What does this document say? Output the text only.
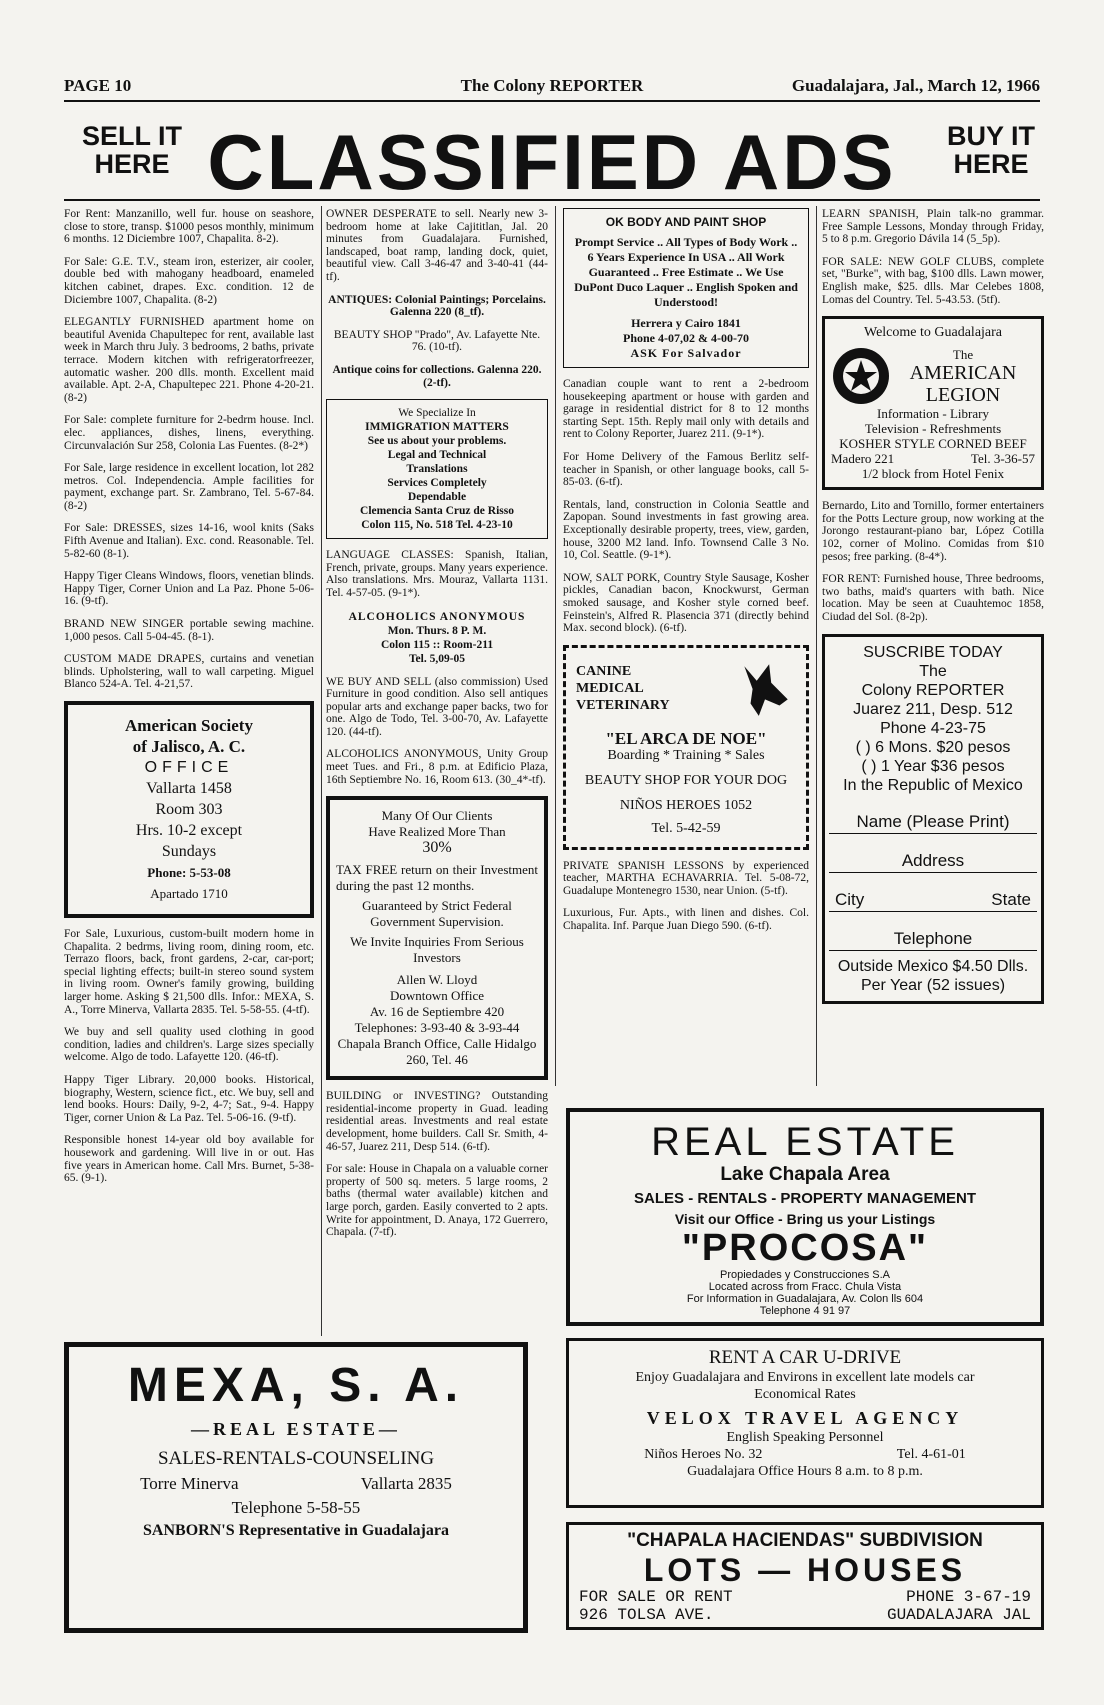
PAGE 10	The Colony REPORTER	Guadalajara, Jal., March 12, 1966
SELL IT
HERE CLASSIFIED ADS	BUY IT
HERE

For Rent: Manzanillo, well fur. house on seashore, close to store, transp. $1000 pesos monthly, minimum 6 months. 12 Diciembre 1007, Chapalita. 8-2).

For Sale: G.E. T.V., steam iron, esterizer, air cooler, double bed with mahogany headboard, enameled kitchen cabinet, drapes. Exc. condition. 12 de Diciembre 1007, Chapalita. (8-2)

ELEGANTLY FURNISHED apartment home on beautiful Avenida Chapultepec for rent, available last week in March thru July. 3 bedrooms, 2 baths, private terrace. Modern kitchen with refrigeratorfreezer, automatic washer. 200 dlls. month. Excellent maid available. Apt. 2-A, Chapultepec 221. Phone 4-20-21. (8-2)

For Sale: complete furniture for 2-bedrm house. Incl. elec. appliances, dishes, linens, everything. Circunvalación Sur 258, Colonia Las Fuentes. (8-2*)

For Sale, large residence in excellent location, lot 282 metros. Col. Independencia. Ample facilities for payment, exchange part. Sr. Zambrano, Tel. 5-67-84. (8-2)

For Sale: DRESSES, sizes 14-16, wool knits (Saks Fifth Avenue and Italian). Exc. cond. Reasonable. Tel. 5-82-60 (8-1).

Happy Tiger Cleans Windows, floors, venetian blinds. Happy Tiger, Corner Union and La Paz. Phone 5-06-16. (9-tf).

BRAND NEW SINGER portable sewing machine. 1,000 pesos. Call 5-04-45. (8-1).

CUSTOM MADE DRAPES, curtains and venetian blinds. Upholstering, wall to wall carpeting. Miguel Blanco 524-A. Tel. 4-21,57.

American Society
of Jalisco, A. C.
OFFICE
Vallarta 1458
Room 303
Hrs. 10-2 except
Sundays
Phone: 5-53-08
Apartado 1710

For Sale, Luxurious, custom-built modern home in Chapalita. 2 bedrms, living room, dining room, etc. Terrazo floors, back, front gardens, 2-car, car-port; special lighting effects; built-in stereo sound system in living room. Owner's family growing, building larger home. Asking $ 21,500 dlls. Infor.: MEXA, S. A., Torre Minerva, Vallarta 2835. Tel. 5-58-55. (4-tf).

We buy and sell quality used clothing in good condition, ladies and children's. Large sizes specially welcome. Algo de todo. Lafayette 120. (46-tf).

Happy Tiger Library. 20,000 books. Historical, biography, Western, science fict., etc. We buy, sell and lend books. Hours: Daily, 9-2, 4-7; Sat., 9-4. Happy Tiger, corner Union & La Paz. Tel. 5-06-16. (9-tf).

Responsible honest 14-year old boy available for housework and gardening. Will live in or out. Has five years in American home. Call Mrs. Burnet, 5-38-65. (9-1).

OWNER DESPERATE to sell. Nearly new 3-bedroom home at lake Cajititlan, Jal. 20 minutes from Guadalajara. Furnished, landscaped, boat ramp, landing dock, quiet, beautiful view. Call 3-46-47 and 3-40-41 (44-tf).

ANTIQUES: Colonial Paintings; Porcelains. Galenna 220 (8_tf).

BEAUTY SHOP "Prado", Av. Lafayette Nte. 76. (10-tf).

Antique coins for collections. Galenna 220. (2-tf).

We Specialize In
IMMIGRATION MATTERS
See us about your problems.
Legal and Technical
Translations
Services Completely
Dependable
Clemencia Santa Cruz de Risso
Colon 115, No. 518 Tel. 4-23-10

LANGUAGE CLASSES: Spanish, Italian, French, private, groups. Many years experience. Also translations. Mrs. Mouraz, Vallarta 1131. Tel. 4-57-05. (9-1*).

ALCOHOLICS ANONYMOUS
Mon. Thurs. 8 P. M.
Colon 115 :: Room-211
Tel. 5,09-05

WE BUY AND SELL (also commission) Used Furniture in good condition. Also sell antiques popular arts and exchange paper backs, two for one. Algo de Todo, Tel. 3-00-70, Av. Lafayette 120. (44-tf).

ALCOHOLICS ANONYMOUS, Unity Group meet Tues. and Fri., 8 p.m. at Edificio Plaza, 16th Septiembre No. 16, Room 613. (30_4*-tf).

Many Of Our Clients
Have Realized More Than
30%
TAX FREE return on their Investment during the past 12 months.
Guaranteed by Strict Federal Government Supervision.
We Invite Inquiries From Serious Investors
Allen W. Lloyd
Downtown Office
Av. 16 de Septiembre 420
Telephones: 3-93-40 & 3-93-44
Chapala Branch Office, Calle Hidalgo 260, Tel. 46

BUILDING or INVESTING? Outstanding residential-income property in Guad. leading residential areas. Investments and real estate development, home builders. Call Sr. Smith, 4-46-57, Juarez 211, Desp 514. (6-tf).

For sale: House in Chapala on a valuable corner property of 500 sq. meters. 5 large rooms, 2 baths (thermal water available) kitchen and large porch, garden. Easily converted to 2 apts. Write for appointment, D. Anaya, 172 Guerrero, Chapala. (7-tf).

OK BODY AND PAINT SHOP
Prompt Service .. All Types of Body Work .. 6 Years Experience In USA .. All Work Guaranteed .. Free Estimate .. We Use DuPont Duco Laquer .. English Spoken and Understood!
Herrera y Cairo 1841
Phone 4-07,02 & 4-00-70
ASK For Salvador

Canadian couple want to rent a 2-bedroom housekeeping apartment or house with garden and garage in residential district for 8 to 12 months starting Sept. 15th. Reply mail only with details and rent to Colony Reporter, Juarez 211. (9-1*).

For Home Delivery of the Famous Berlitz self-teacher in Spanish, or other language books, call 5-85-03. (6-tf).

Rentals, land, construction in Colonia Seattle and Zapopan. Sound investments in fast growing area. Exceptionally desirable property, trees, view, garden, house, 3200 M2 land. Info. Townsend Calle 3 No. 10, Col. Seattle. (9-1*).

NOW, SALT PORK, Country Style Sausage, Kosher pickles, Canadian bacon, Knockwurst, German smoked sausage, and Kosher style corned beef. Feinstein's, Alfred R. Plasencia 371 (directly behind Max. second block). (6-tf).

CANINE
MEDICAL
VETERINARY
"EL ARCA DE NOE"
Boarding * Training * Sales
BEAUTY SHOP FOR YOUR DOG
NIÑOS HEROES 1052
Tel. 5-42-59

PRIVATE SPANISH LESSONS by experienced teacher, MARTHA ECHAVARRIA. Tel. 5-08-72, Guadalupe Montenegro 1530, near Union. (5-tf).

Luxurious, Fur. Apts., with linen and dishes. Col. Chapalita. Inf. Parque Juan Diego 590. (6-tf).

LEARN SPANISH, Plain talk-no grammar. Free Sample Lessons, Monday through Friday, 5 to 8 p.m. Gregorio Dávila 14 (5_5p).

FOR SALE: NEW GOLF CLUBS, complete set, "Burke", with bag, $100 dlls. Lawn mower, English make, $25. dlls. Mar Celebes 1808, Lomas del Country. Tel. 5-43.53. (5tf).

Welcome to Guadalajara
The
AMERICAN
LEGION
Information - Library
Television - Refreshments
KOSHER STYLE CORNED BEEF
Madero 221	Tel. 3-36-57
1/2 block from Hotel Fenix

Bernardo, Lito and Tornillo, former entertainers for the Potts Lecture group, now working at the Jorongo restaurant-piano bar, López Cotilla 102, corner of Molino. Comidas from $10 pesos; free parking. (8-4*).

FOR RENT: Furnished house, Three bedrooms, two baths, maid's quarters with bath. Nice location. May be seen at Cuauhtemoc 1858, Ciudad del Sol. (8-2p).

SUSCRIBE TODAY
The
Colony REPORTER
Juarez 211, Desp. 512
Phone 4-23-75
( ) 6 Mons. $20 pesos
( ) 1 Year $36 pesos
In the Republic of Mexico
Name (Please Print)
Address
City	State
Telephone
Outside Mexico $4.50 Dlls.
Per Year (52 issues)
MEXA, S. A.
—REAL ESTATE—
SALES-RENTALS-COUNSELING
Torre Minerva	Vallarta 2835
Telephone 5-58-55
SANBORN'S Representative in Guadalajara
REAL ESTATE
Lake Chapala Area
SALES - RENTALS - PROPERTY MANAGEMENT
Visit our Office - Bring us your Listings
"PROCOSA"
Propiedades y Construcciones S.A
Located across from Fracc. Chula Vista
For Information in Guadalajara, Av. Colon lls 604
Telephone 4 91 97
RENT A CAR U-DRIVE
Enjoy Guadalajara and Environs in excellent late models car
Economical Rates
VELOX TRAVEL AGENCY
English Speaking Personnel
Niños Heroes No. 32	Tel. 4-61-01
Guadalajara Office Hours 8 a.m. to 8 p.m.
"CHAPALA HACIENDAS" SUBDIVISION
LOTS — HOUSES
FOR SALE OR RENT	PHONE 3-67-19
926 TOLSA AVE.	GUADALAJARA JAL
